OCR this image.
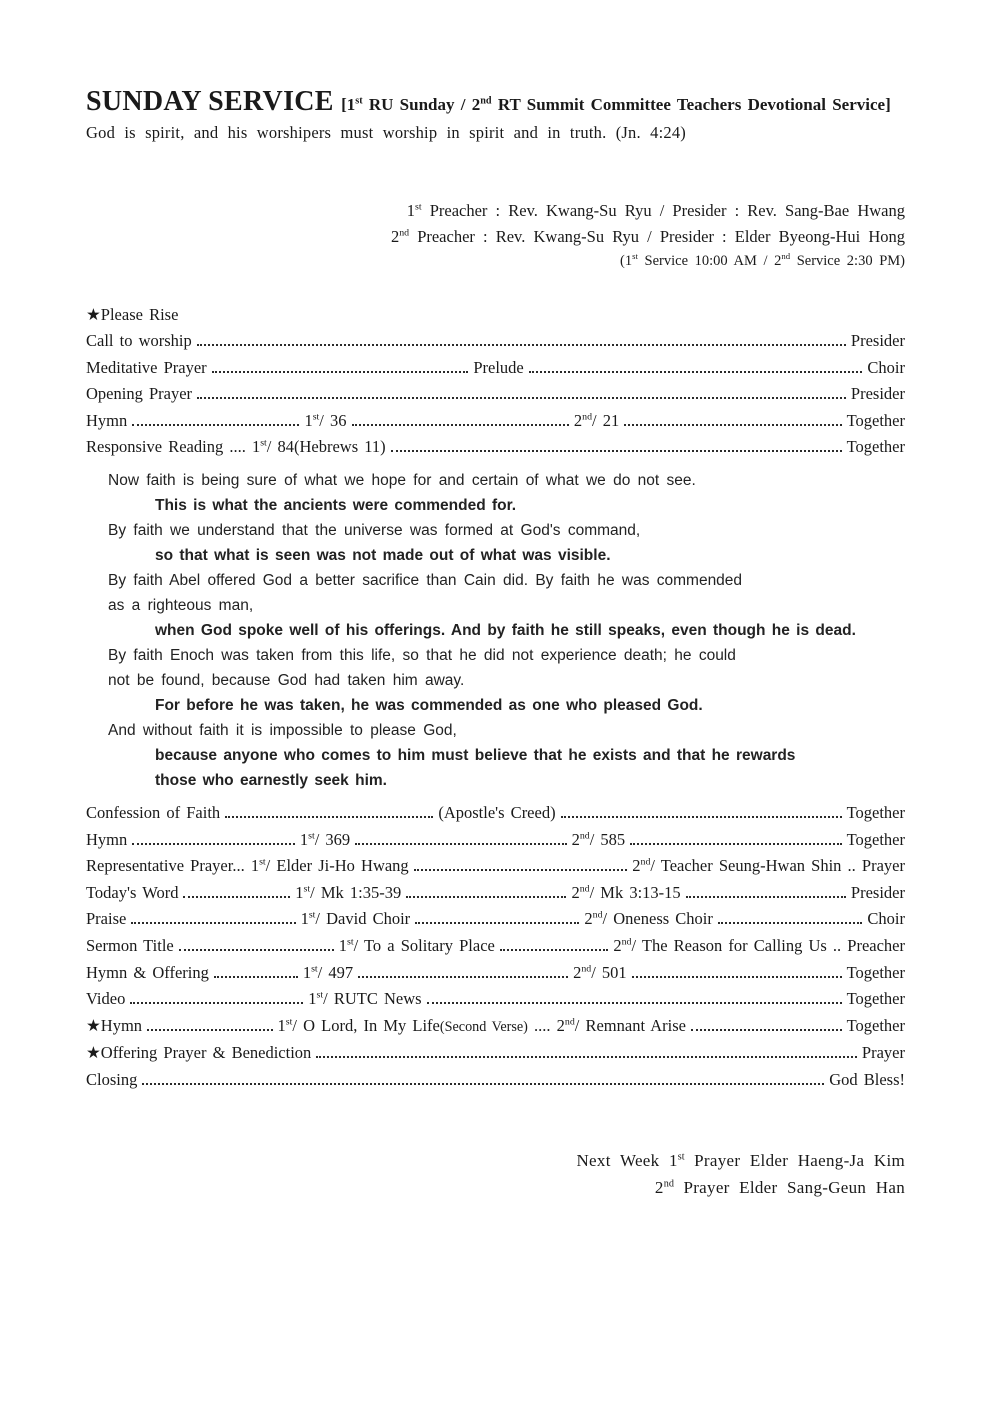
SUNDAY SERVICE [1st RU Sunday / 2nd RT Summit Committee Teachers Devotional Service]

God is spirit, and his worshipers must worship in spirit and in truth. (Jn. 4:24)

1st Preacher : Rev. Kwang-Su Ryu / Presider : Rev. Sang-Bae Hwang
2nd Preacher : Rev. Kwang-Su Ryu / Presider : Elder Byeong-Hui Hong
(1st Service 10:00 AM / 2nd Service 2:30 PM)
★Please Rise
Call to worship	Presider
Meditative Prayer	Prelude	Choir
Opening Prayer	Presider
Hymn	1st/ 36	2nd/ 21	Together
Responsive Reading .... 1st/ 84(Hebrews 11)	Together
Now faith is being sure of what we hope for and certain of what we do not see.
This is what the ancients were commended for.
By faith we understand that the universe was formed at God's command,
so that what is seen was not made out of what was visible.
By faith Abel offered God a better sacrifice than Cain did. By faith he was commended
as a righteous man,
when God spoke well of his offerings. And by faith he still speaks, even though he is dead.
By faith Enoch was taken from this life, so that he did not experience death; he could
not be found, because God had taken him away.
For before he was taken, he was commended as one who pleased God.
And without faith it is impossible to please God,
because anyone who comes to him must believe that he exists and that he rewards
those who earnestly seek him.
Confession of Faith	(Apostle's Creed)	Together
Hymn	1st/ 369	2nd/ 585	Together
Representative Prayer... 1st/ Elder Ji-Ho Hwang	2nd/ Teacher Seung-Hwan Shin .. Prayer
Today's Word	1st/ Mk 1:35-39	2nd/ Mk 3:13-15	Presider
Praise	1st/ David Choir	2nd/ Oneness Choir	Choir
Sermon Title	1st/ To a Solitary Place	2nd/ The Reason for Calling Us .. Preacher
Hymn & Offering	1st/ 497	2nd/ 501	Together
Video	1st/ RUTC News	Together
★Hymn	1st/ O Lord, In My Life(Second Verse) .... 2nd/ Remnant Arise	Together
★Offering Prayer & Benediction	Prayer
Closing	God Bless!
Next Week 1st Prayer Elder Haeng-Ja Kim
2nd Prayer Elder Sang-Geun Han
